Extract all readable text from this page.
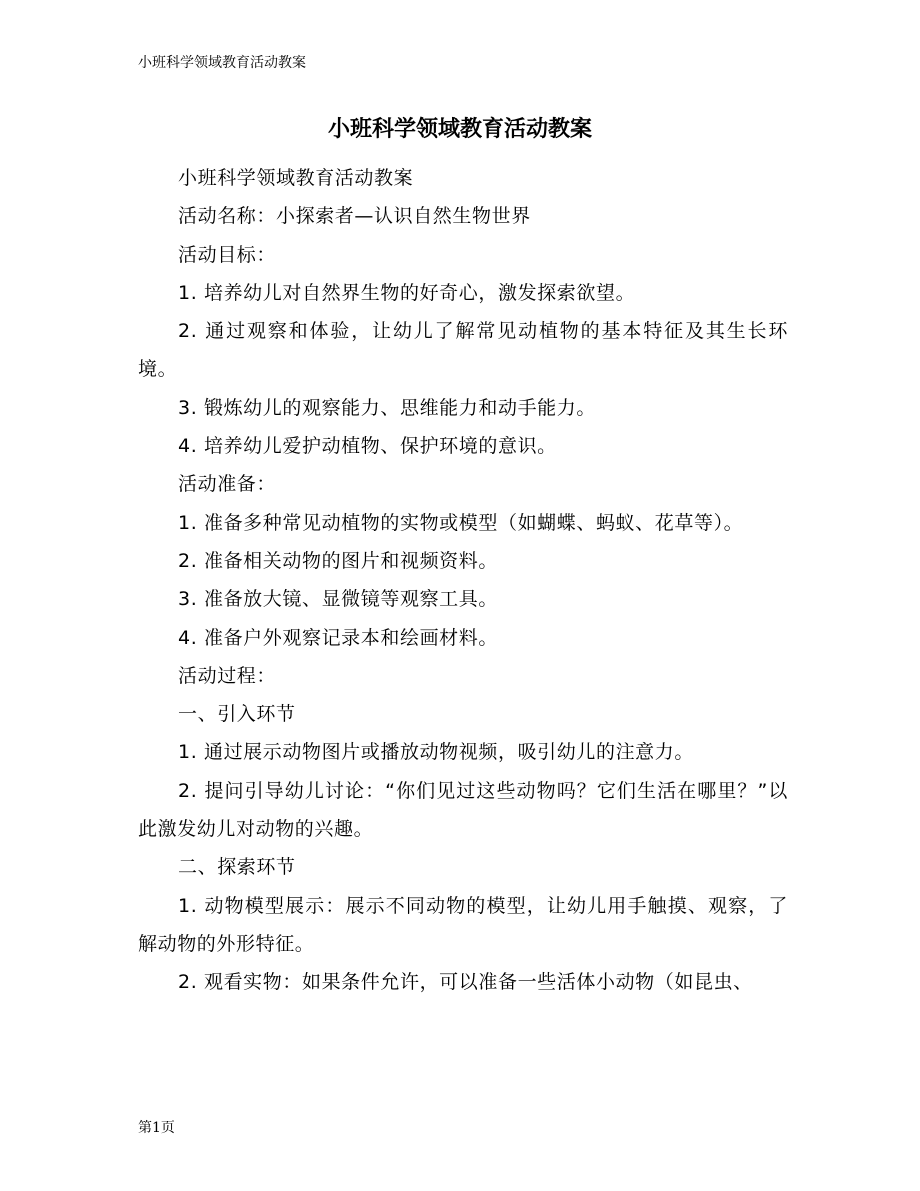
小班科学领域教育活动教案
小班科学领域教育活动教案

小班科学领域教育活动教案

活动名称：小探索者—认识自然生物世界

活动目标：

1. 培养幼儿对自然界生物的好奇心，激发探索欲望。

2. 通过观察和体验，让幼儿了解常见动植物的基本特征及其生长环境。

3. 锻炼幼儿的观察能力、思维能力和动手能力。

4. 培养幼儿爱护动植物、保护环境的意识。

活动准备：

1. 准备多种常见动植物的实物或模型（如蝴蝶、蚂蚁、花草等）。

2. 准备相关动物的图片和视频资料。

3. 准备放大镜、显微镜等观察工具。

4. 准备户外观察记录本和绘画材料。

活动过程：

一、引入环节

1. 通过展示动物图片或播放动物视频，吸引幼儿的注意力。

2. 提问引导幼儿讨论：“你们见过这些动物吗？它们生活在哪里？”以此激发幼儿对动物的兴趣。

二、探索环节

1. 动物模型展示：展示不同动物的模型，让幼儿用手触摸、观察，了解动物的外形特征。

2. 观看实物：如果条件允许，可以准备一些活体小动物（如昆虫、

第1页
